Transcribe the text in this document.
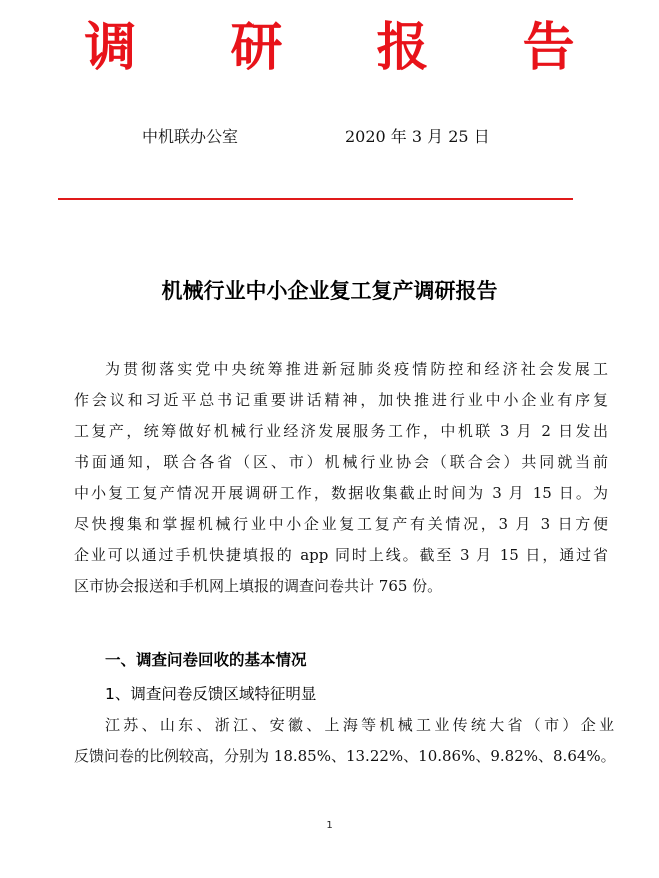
调 研 报 告
中机联办公室	2020 年 3 月 25 日
机械行业中小企业复工复产调研报告
为贯彻落实党中央统筹推进新冠肺炎疫情防控和经济社会发展工
作会议和习近平总书记重要讲话精神，加快推进行业中小企业有序复
工复产，统筹做好机械行业经济发展服务工作，中机联 3 月 2 日发出
书面通知，联合各省（区、市）机械行业协会（联合会）共同就当前
中小复工复产情况开展调研工作，数据收集截止时间为 3 月 15 日。为
尽快搜集和掌握机械行业中小企业复工复产有关情况，3 月 3 日方便
企业可以通过手机快捷填报的 app 同时上线。截至 3 月 15 日，通过省
区市协会报送和手机网上填报的调查问卷共计 765 份。
一、调查问卷回收的基本情况
1、调查问卷反馈区域特征明显
江苏、山东、浙江、安徽、上海等机械工业传统大省（市）企业
反馈问卷的比例较高，分别为 18.85%、13.22%、10.86%、9.82%、8.64%。
1
